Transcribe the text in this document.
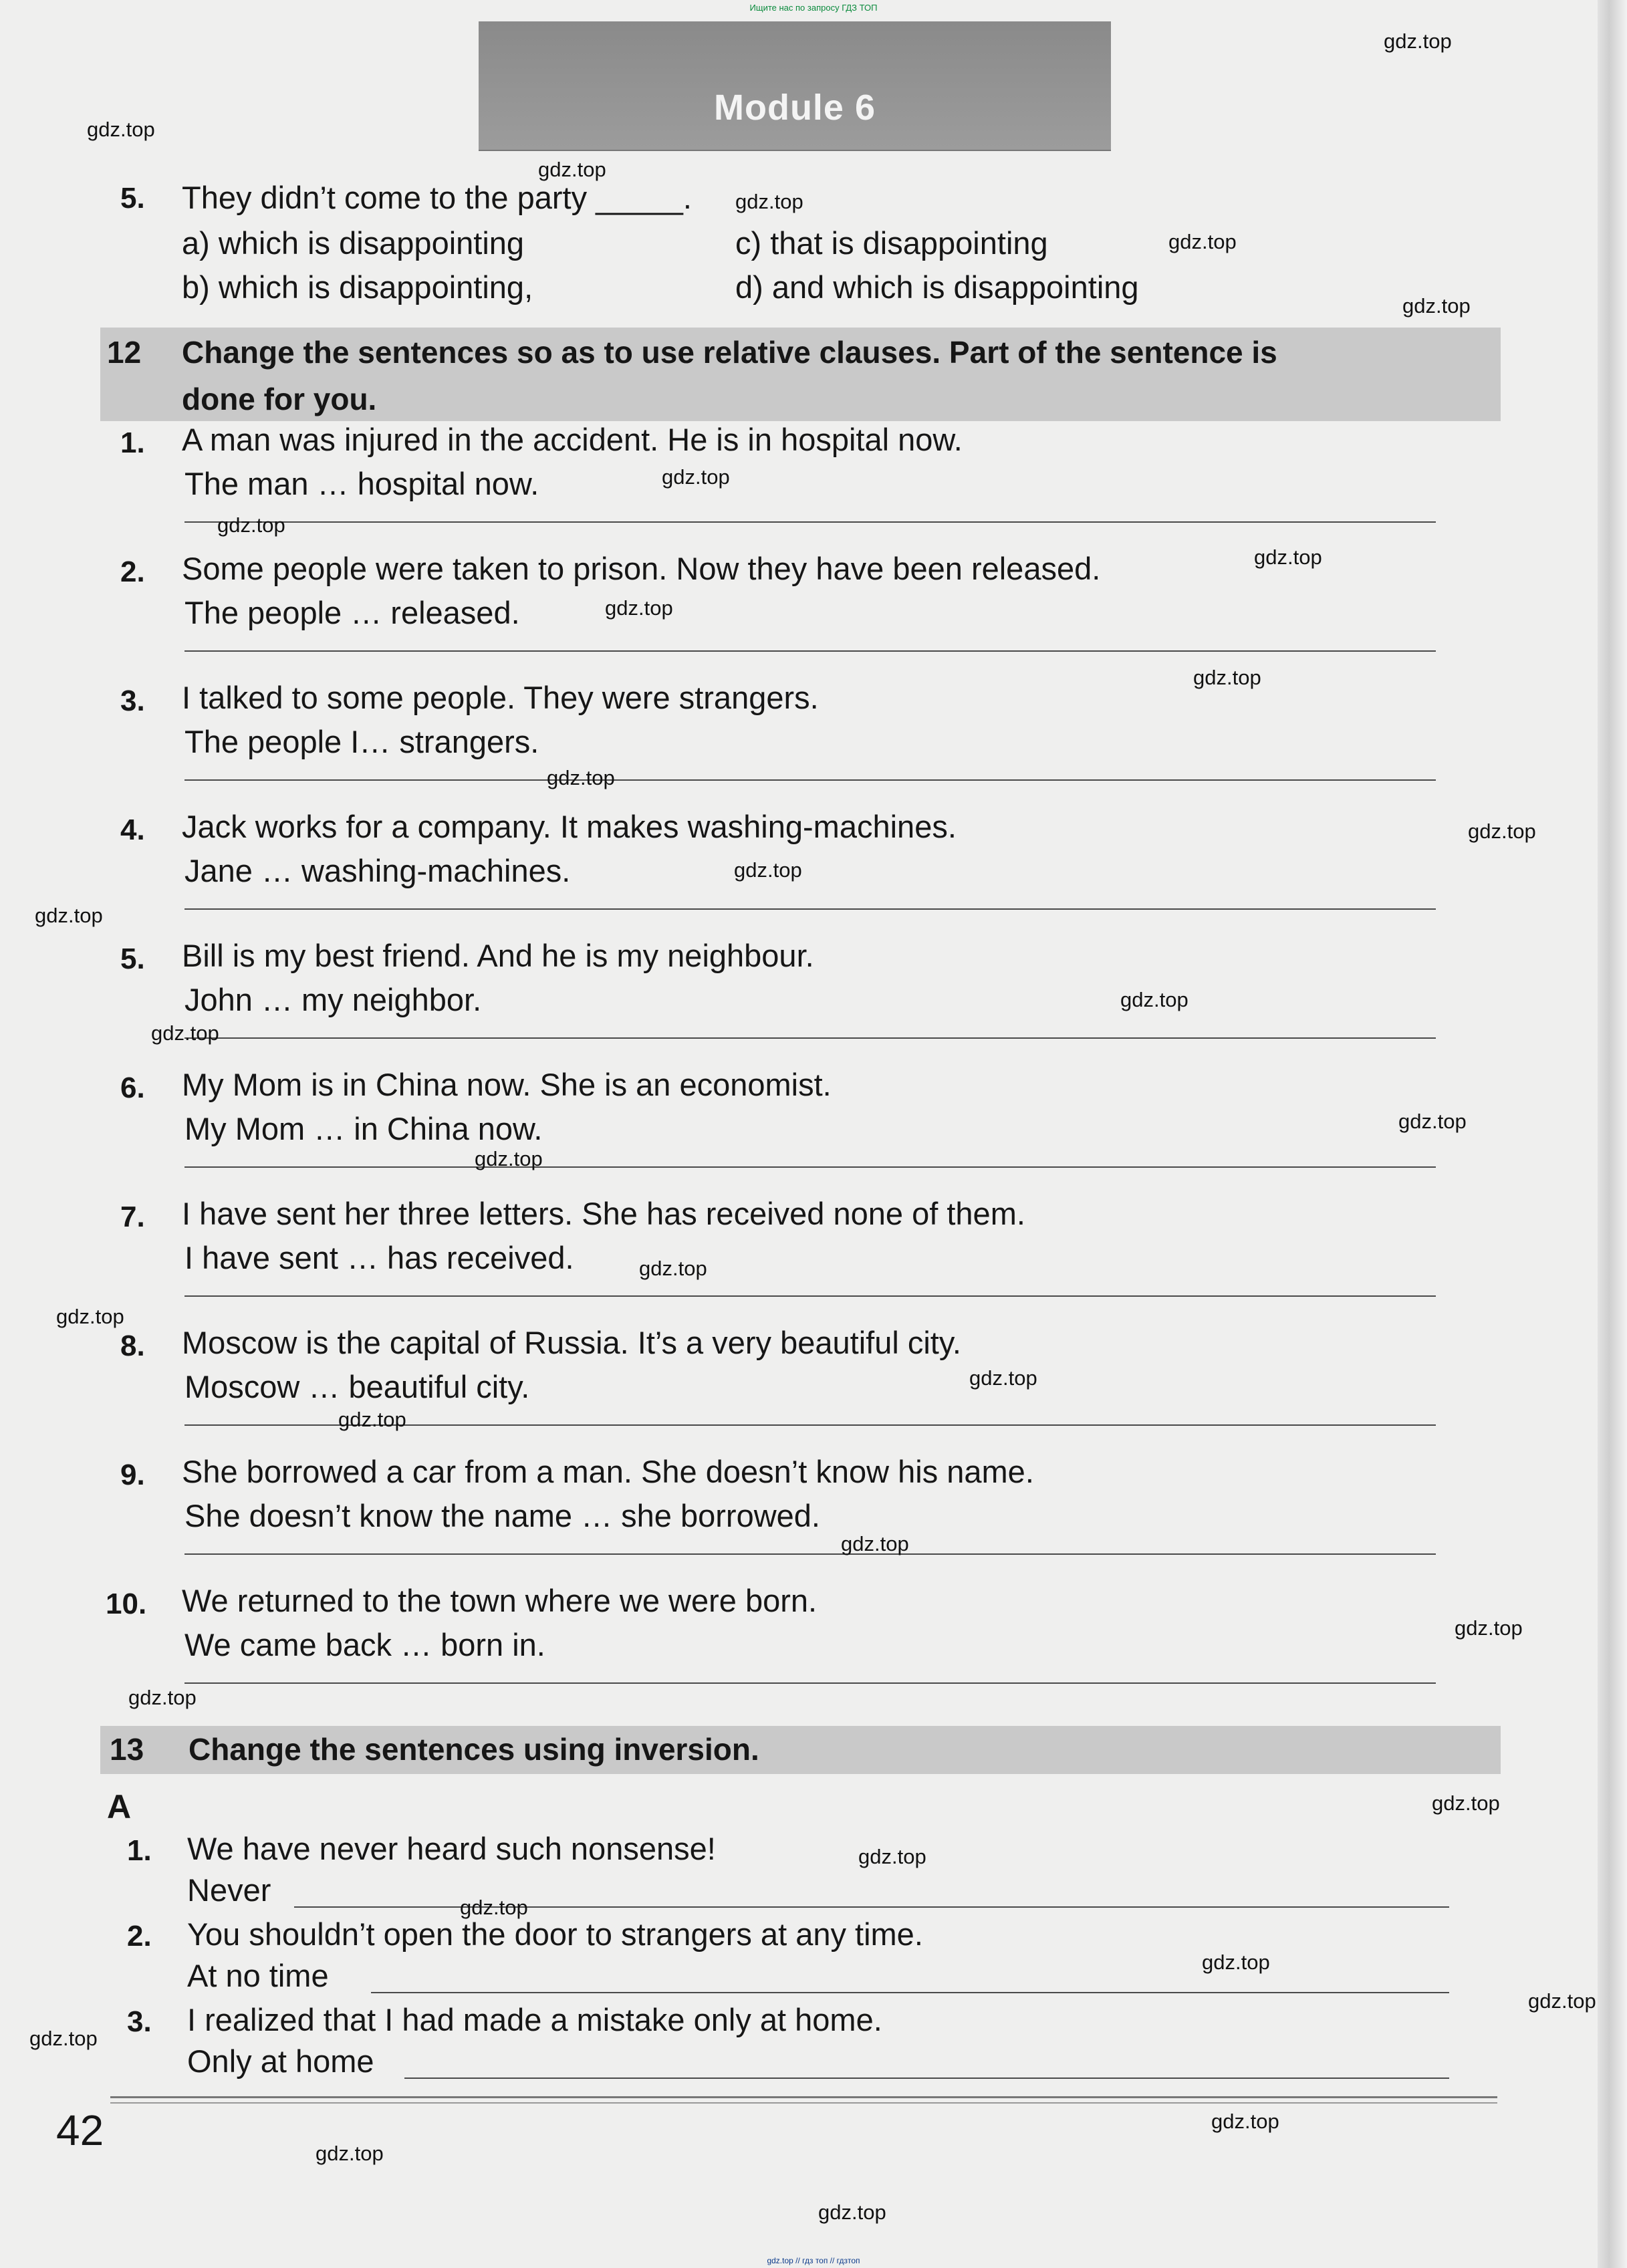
Ищите нас по запросу ГДЗ ТОП
Module 6
5. They didn’t come to the party _____.
a) which is disappointing	c) that is disappointing
b) which is disappointing,	d) and which is disappointing
12 Change the sentences so as to use relative clauses. Part of the sentence is
done for you.
1. A man was injured in the accident. He is in hospital now.
The man … hospital now.
2. Some people were taken to prison. Now they have been released.
The people … released.
3. I talked to some people. They were strangers.
The people I… strangers.
4. Jack works for a company. It makes washing-machines.
Jane … washing-machines.
5. Bill is my best friend. And he is my neighbour.
John … my neighbor.
6. My Mom is in China now. She is an economist.
My Mom … in China now.
7. I have sent her three letters. She has received none of them.
I have sent … has received.
8. Moscow is the capital of Russia. It’s a very beautiful city.
Moscow … beautiful city.
9. She borrowed a car from a man. She doesn’t know his name.
She doesn’t know the name … she borrowed.
10. We returned to the town where we were born.
We came back … born in.
13 Change the sentences using inversion.
A
1. We have never heard such nonsense!
Never
2. You shouldn’t open the door to strangers at any time.
At no time
3. I realized that I had made a mistake only at home.
Only at home
42
gdz.top
gdz.top
gdz.top
gdz.top
gdz.top
gdz.top
gdz.top
gdz.top
gdz.top
gdz.top
gdz.top
gdz.top
gdz.top
gdz.top
gdz.top
gdz.top
gdz.top
gdz.top
gdz.top
gdz.top
gdz.top
gdz.top
gdz.top
gdz.top
gdz.top
gdz.top
gdz.top
gdz.top
gdz.top
gdz.top
gdz.top
gdz.top
gdz.top
gdz.top
gdz.top
gdz.top // гдз топ // гдзтоп
